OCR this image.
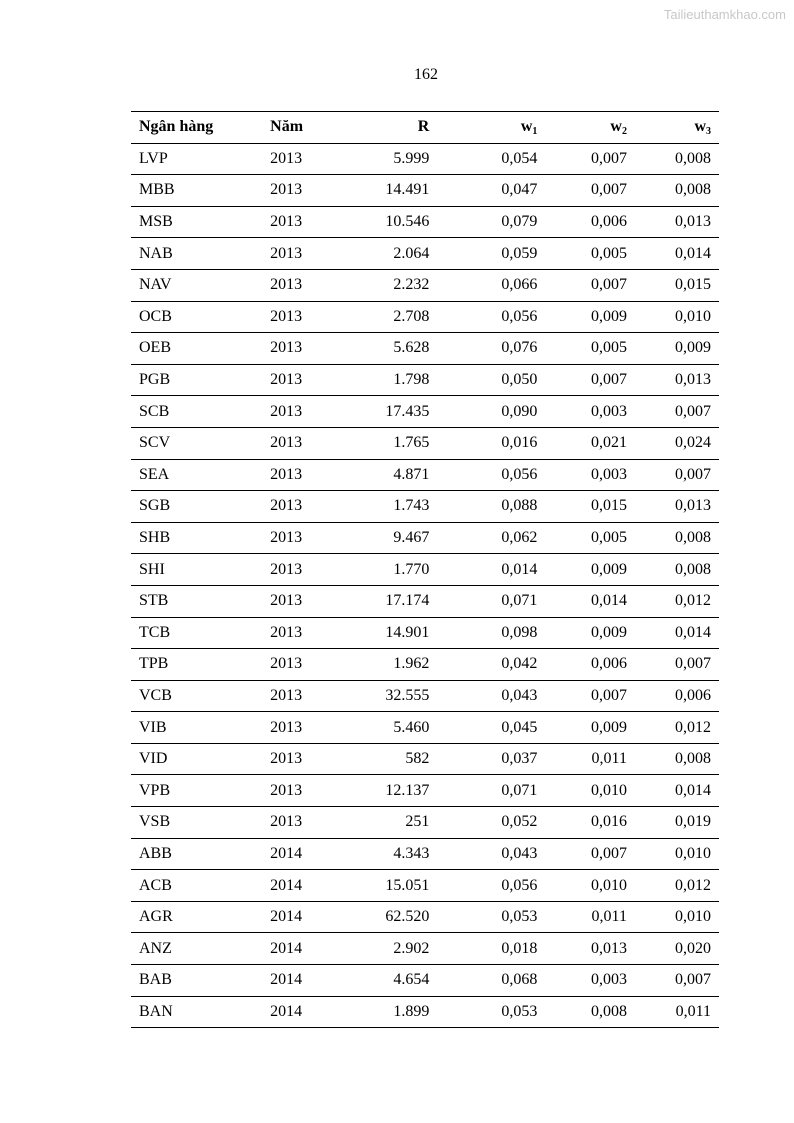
Tailieuthamkhao.com
162
Ngân hàng	Năm	R	$w_1$	$w_2$	$w_3$
LVP	2013	5.999	0,054	0,007	0,008
MBB	2013	14.491	0,047	0,007	0,008
MSB	2013	10.546	0,079	0,006	0,013
NAB	2013	2.064	0,059	0,005	0,014
NAV	2013	2.232	0,066	0,007	0,015
OCB	2013	2.708	0,056	0,009	0,010
OEB	2013	5.628	0,076	0,005	0,009
PGB	2013	1.798	0,050	0,007	0,013
SCB	2013	17.435	0,090	0,003	0,007
SCV	2013	1.765	0,016	0,021	0,024
SEA	2013	4.871	0,056	0,003	0,007
SGB	2013	1.743	0,088	0,015	0,013
SHB	2013	9.467	0,062	0,005	0,008
SHI	2013	1.770	0,014	0,009	0,008
STB	2013	17.174	0,071	0,014	0,012
TCB	2013	14.901	0,098	0,009	0,014
TPB	2013	1.962	0,042	0,006	0,007
VCB	2013	32.555	0,043	0,007	0,006
VIB	2013	5.460	0,045	0,009	0,012
VID	2013	582	0,037	0,011	0,008
VPB	2013	12.137	0,071	0,010	0,014
VSB	2013	251	0,052	0,016	0,019
ABB	2014	4.343	0,043	0,007	0,010
ACB	2014	15.051	0,056	0,010	0,012
AGR	2014	62.520	0,053	0,011	0,010
ANZ	2014	2.902	0,018	0,013	0,020
BAB	2014	4.654	0,068	0,003	0,007
BAN	2014	1.899	0,053	0,008	0,011
